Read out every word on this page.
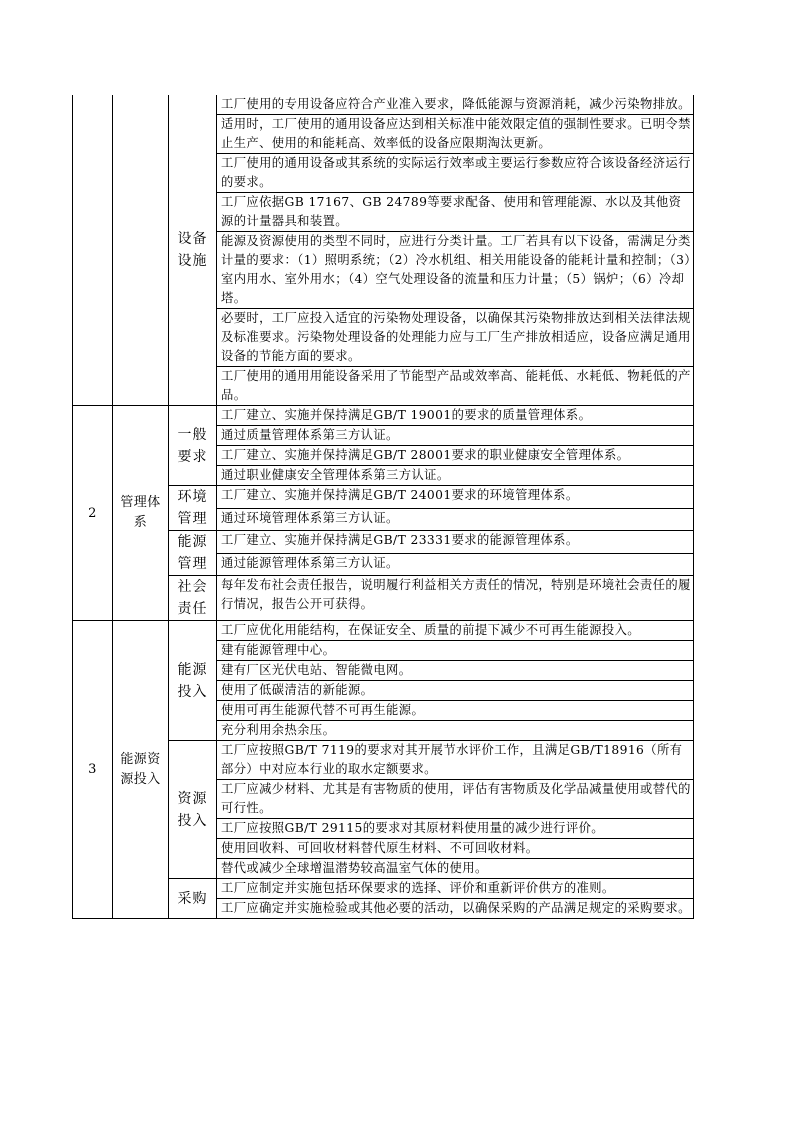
		设备设施	工厂使用的专用设备应符合产业准入要求，降低能源与资源消耗，减少污染物排放。
			适用时，工厂使用的通用设备应达到相关标准中能效限定值的强制性要求。已明令禁止生产、使用的和能耗高、效率低的设备应限期淘汰更新。
			工厂使用的通用设备或其系统的实际运行效率或主要运行参数应符合该设备经济运行的要求。
			工厂应依据GB 17167、GB 24789等要求配备、使用和管理能源、水以及其他资源的计量器具和装置。
			能源及资源使用的类型不同时，应进行分类计量。工厂若具有以下设备，需满足分类计量的要求：（1）照明系统；（2）冷水机组、相关用能设备的能耗计量和控制；（3）室内用水、室外用水；（4）空气处理设备的流量和压力计量；（5）锅炉；（6）冷却塔。
			必要时，工厂应投入适宜的污染物处理设备，以确保其污染物排放达到相关法律法规及标准要求。污染物处理设备的处理能力应与工厂生产排放相适应，设备应满足通用设备的节能方面的要求。
			工厂使用的通用用能设备采用了节能型产品或效率高、能耗低、水耗低、物耗低的产品。
2	管理体系	一般要求	工厂建立、实施并保持满足GB/T 19001的要求的质量管理体系。
			通过质量管理体系第三方认证。
			工厂建立、实施并保持满足GB/T 28001要求的职业健康安全管理体系。
			通过职业健康安全管理体系第三方认证。
		环境管理	工厂建立、实施并保持满足GB/T 24001要求的环境管理体系。
			通过环境管理体系第三方认证。
		能源管理	工厂建立、实施并保持满足GB/T 23331要求的能源管理体系。
			通过能源管理体系第三方认证。
		社会责任	每年发布社会责任报告，说明履行利益相关方责任的情况，特别是环境社会责任的履行情况，报告公开可获得。
3	能源资源投入	能源投入	工厂应优化用能结构，在保证安全、质量的前提下减少不可再生能源投入。
			建有能源管理中心。
			建有厂区光伏电站、智能微电网。
			使用了低碳清洁的新能源。
			使用可再生能源代替不可再生能源。
			充分利用余热余压。
		资源投入	工厂应按照GB/T 7119的要求对其开展节水评价工作，且满足GB/T18916（所有部分）中对应本行业的取水定额要求。
			工厂应减少材料、尤其是有害物质的使用，评估有害物质及化学品减量使用或替代的可行性。
			工厂应按照GB/T 29115的要求对其原材料使用量的减少进行评价。
			使用回收料、可回收材料替代原生材料、不可回收材料。
			替代或减少全球增温潜势较高温室气体的使用。
		采购	工厂应制定并实施包括环保要求的选择、评价和重新评价供方的准则。
			工厂应确定并实施检验或其他必要的活动，以确保采购的产品满足规定的采购要求。
